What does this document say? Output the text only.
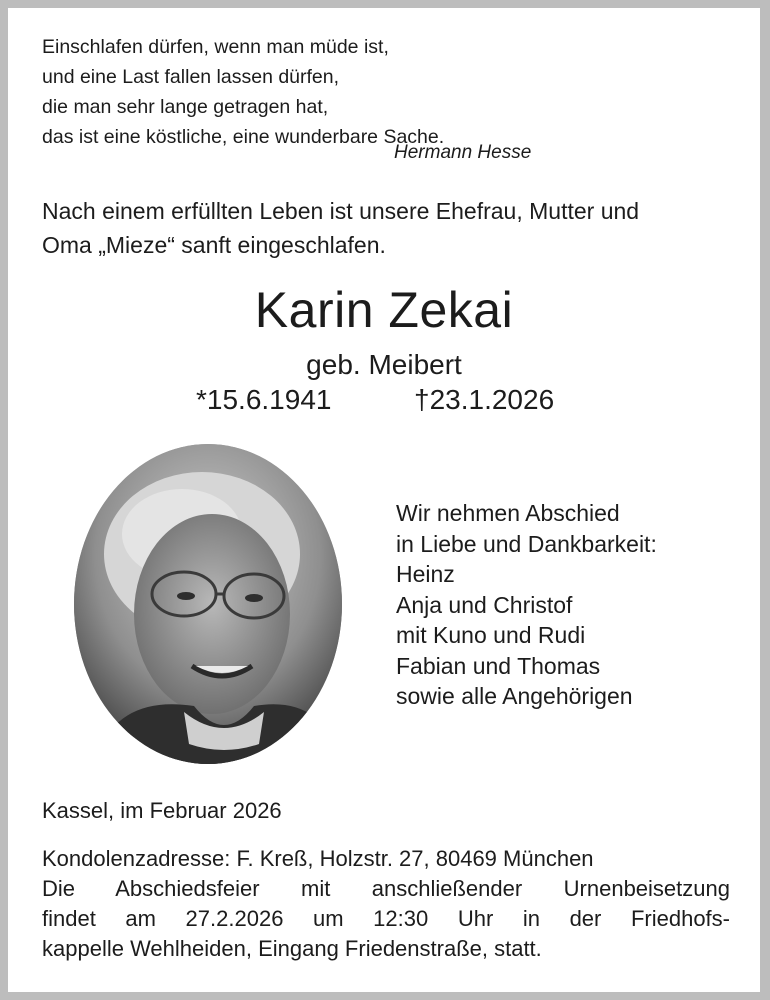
Einschlafen dürfen, wenn man müde ist,
und eine Last fallen lassen dürfen,
die man sehr lange getragen hat,
das ist eine köstliche, eine wunderbare Sache.
Hermann Hesse
Nach einem erfüllten Leben ist unsere Ehefrau, Mutter und
Oma „Mieze“ sanft eingeschlafen.
Karin Zekai
geb. Meibert
*15.6.1941	†23.1.2026
Wir nehmen Abschied
in Liebe und Dankbarkeit:
Heinz
Anja und Christof
mit Kuno und Rudi
Fabian und Thomas
sowie alle Angehörigen
Kassel, im Februar 2026
Kondolenzadresse: F. Kreß, Holzstr. 27, 80469 München
Die Abschiedsfeier mit anschließender Urnenbeisetzung
findet am 27.2.2026 um 12:30 Uhr in der Friedhofs-
kappelle Wehlheiden, Eingang Friedenstraße, statt.
